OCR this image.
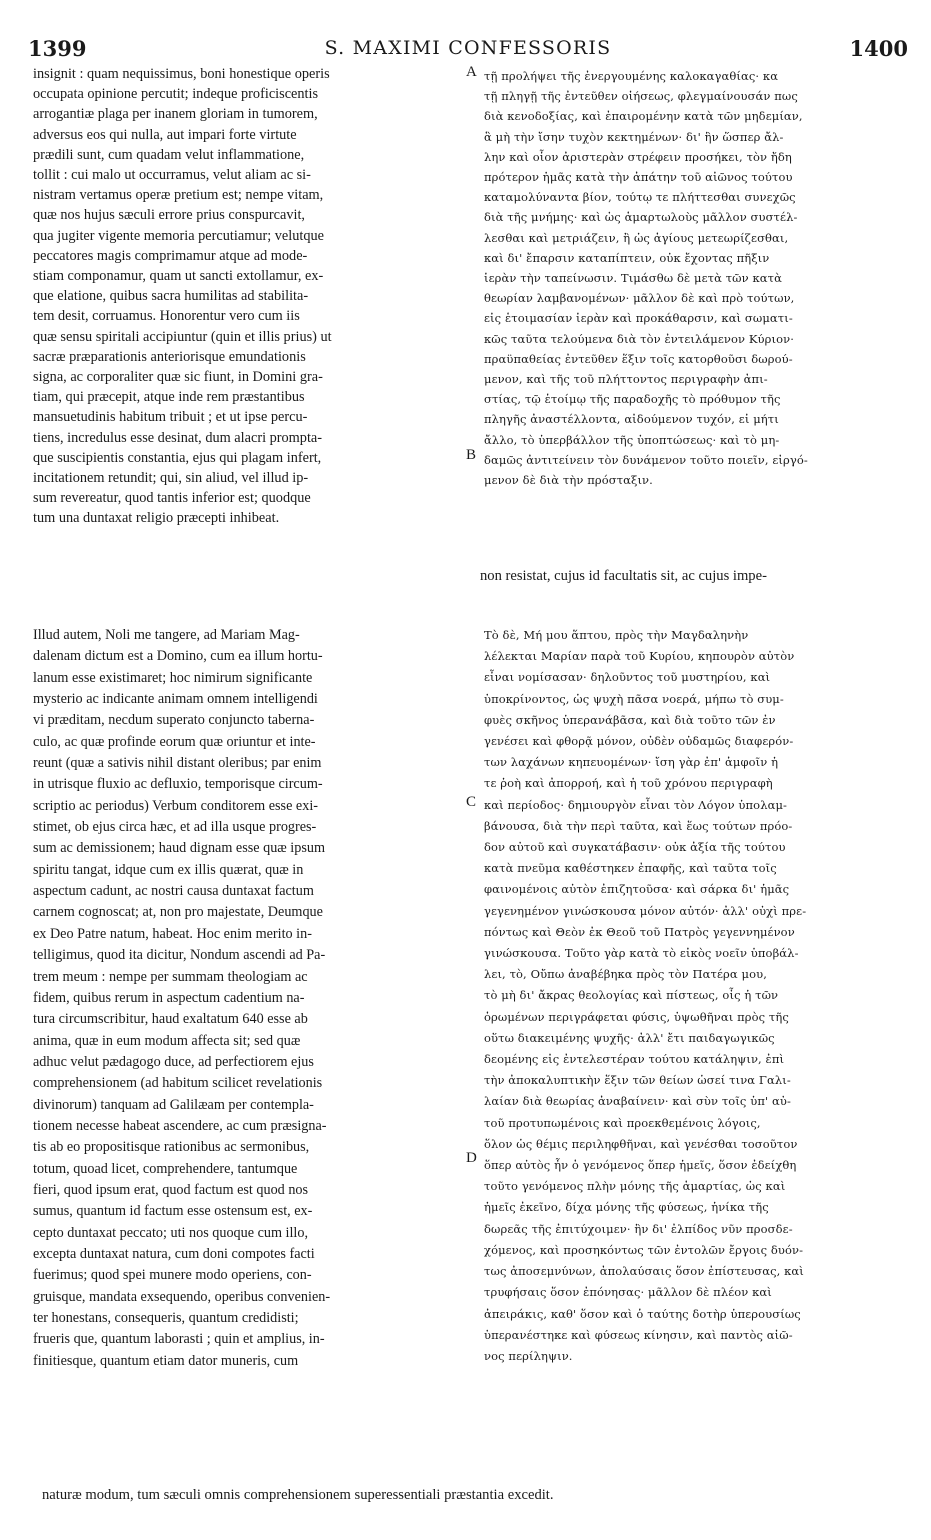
1399	S. MAXIMI CONFESSORIS	1400

insignit : quam nequissimus, boni honestique operis
occupata opinione percutit; indeque proficiscentis
arrogantiæ plaga per inanem gloriam in tumorem,
adversus eos qui nulla, aut impari forte virtute
prædili sunt, cum quadam velut inflammatione,
tollit : cui malo ut occurramus, velut aliam ac si-
nistram vertamus operæ pretium est; nempe vitam,
quæ nos hujus sæculi errore prius conspurcavit,
qua jugiter vigente memoria percutiamur; velutque
peccatores magis comprimamur atque ad mode-
stiam componamur, quam ut sancti extollamur, ex-
que elatione, quibus sacra humilitas ad stabilita-
tem desit, corruamus. Honorentur vero cum iis
quæ sensu spiritali accipiuntur (quin et illis prius) ut
sacræ præparationis anteriorisque emundationis
signa, ac corporaliter quæ sic fiunt, in Domini gra-
tiam, qui præcepit, atque inde rem præstantibus
mansuetudinis habitum tribuit ; et ut ipse percu-
tiens, incredulus esse desinat, dum alacri prompta-
que suscipientis constantia, ejus qui plagam infert,
incitationem retundit; qui, sin aliud, vel illud ip-
sum revereatur, quod tantis inferior est; quodque
tum una duntaxat religio præcepti inhibeat.

A τῇ προλήψει τῆς ἐνεργουμένης καλοκαγαθίας· κα
τῇ πληγῇ τῆς ἐντεῦθεν οἰήσεως, φλεγμαίνουσάν πως
διὰ κενοδοξίας, καὶ ἐπαιρομένην κατὰ τῶν μηδεμίαν,
ἃ μὴ τὴν ἴσην τυχὸν κεκτημένων· δι' ἣν ὥσπερ ἄλ-
λην καὶ οἷον ἀριστερὰν στρέφειν προσήκει, τὸν ἤδη
πρότερον ἡμᾶς κατὰ τὴν ἀπάτην τοῦ αἰῶνος τούτου
καταμολύναντα βίον, τούτῳ τε πλήττεσθαι συνεχῶς
διὰ τῆς μνήμης· καὶ ὡς ἁμαρτωλοὺς μᾶλλον συστέλ-
λεσθαι καὶ μετριάζειν, ἢ ὡς ἁγίους μετεωρίζεσθαι,
καὶ δι' ἔπαρσιν καταπίπτειν, οὐκ ἔχοντας πῆξιν
ἱερὰν τὴν ταπείνωσιν. Τιμάσθω δὲ μετὰ τῶν κατὰ
θεωρίαν λαμβανομένων· μᾶλλον δὲ καὶ πρὸ τούτων,
εἰς ἑτοιμασίαν ἱερὰν καὶ προκάθαρσιν, καὶ σωματι-
κῶς ταῦτα τελούμενα διὰ τὸν ἐντειλάμενον Κύριον·
πραϋπαθείας ἐντεῦθεν ἕξιν τοῖς κατορθοῦσι δωρού-
μενον, καὶ τῆς τοῦ πλήττοντος περιγραφὴν ἀπι-
στίας, τῷ ἑτοίμῳ τῆς παραδοχῆς τὸ πρόθυμον τῆς
πληγῆς ἀναστέλλοντα, αἰδούμενον τυχόν, εἰ μήτι
ἄλλο, τὸ ὑπερβάλλον τῆς ὑποπτώσεως· καὶ τὸ μη-
δαμῶς ἀντιτείνειν τὸν δυνάμενον τοῦτο ποιεῖν, εἰργό-
μενον δὲ διὰ τὴν πρόσταξιν.

B

non resistat, cujus id facultatis sit, ac cujus impe-

Illud autem, Noli me tangere, ad Mariam Mag-
dalenam dictum est a Domino, cum ea illum hortu-
lanum esse existimaret; hoc nimirum significante
mysterio ac indicante animam omnem intelligendi
vi præditam, necdum superato conjuncto taberna-
culo, ac quæ profinde eorum quæ oriuntur et inte-
reunt (quæ a sativis nihil distant oleribus; par enim
in utrisque fluxio ac defluxio, temporisque circum-
scriptio ac periodus) Verbum conditorem esse exi-
stimet, ob ejus circa hæc, et ad illa usque progres-
sum ac demissionem; haud dignam esse quæ ipsum
spiritu tangat, idque cum ex illis quærat, quæ in
aspectum cadunt, ac nostri causa duntaxat factum
carnem cognoscat; at, non pro majestate, Deumque
ex Deo Patre natum, habeat. Hoc enim merito in-
telligimus, quod ita dicitur, Nondum ascendi ad Pa-
trem meum : nempe per summam theologiam ac
fidem, quibus rerum in aspectum cadentium na-
tura circumscribitur, haud exaltatum 640 esse ab
anima, quæ in eum modum affecta sit; sed quæ
adhuc velut pædagogo duce, ad perfectiorem ejus
comprehensionem (ad habitum scilicet revelationis
divinorum) tanquam ad Galilæam per contempla-
tionem necesse habeat ascendere, ac cum præsigna-
tis ab eo propositisque rationibus ac sermonibus,
totum, quoad licet, comprehendere, tantumque
fieri, quod ipsum erat, quod factum est quod nos
sumus, quantum id factum esse ostensum est, ex-
cepto duntaxat peccato; uti nos quoque cum illo,
excepta duntaxat natura, cum doni compotes facti
fuerimus; quod spei munere modo operiens, con-
gruisque, mandata exsequendo, operibus convenien-
ter honestans, consequeris, quantum credidisti;
frueris que, quantum laborasti ; quin et amplius, in-
finitiesque, quantum etiam dator muneris, cum

C

Τὸ δὲ, Μή μου ἅπτου, πρὸς τὴν Μαγδαληνὴν
λέλεκται Μαρίαν παρὰ τοῦ Κυρίου, κηπουρὸν αὐτὸν
εἶναι νομίσασαν· δηλοῦντος τοῦ μυστηρίου, καὶ
ὑποκρίνοντος, ὡς ψυχὴ πᾶσα νοερά, μήπω τὸ συμ-
φυὲς σκῆνος ὑπερανάβᾶσα, καὶ διὰ τοῦτο τῶν ἐν
γενέσει καὶ φθορᾷ μόνον, οὐδὲν οὐδαμῶς διαφερόν-
των λαχάνων κηπευομένων· ἴση γὰρ ἐπ' ἀμφοῖν ἡ
τε ῥοὴ καὶ ἀπορροή, καὶ ἡ τοῦ χρόνου περιγραφὴ
καὶ περίοδος· δημιουργὸν εἶναι τὸν Λόγον ὑπολαμ-
βάνουσα, διὰ τὴν περὶ ταῦτα, καὶ ἕως τούτων πρόο-
δον αὐτοῦ καὶ συγκατάβασιν· οὐκ ἀξία τῆς τούτου
κατὰ πνεῦμα καθέστηκεν ἐπαφῆς, καὶ ταῦτα τοῖς
φαινομένοις αὐτὸν ἐπιζητοῦσα· καὶ σάρκα δι' ἡμᾶς
γεγενημένον γινώσκουσα μόνον αὐτόν· ἀλλ' οὐχὶ πρε-
πόντως καὶ Θεὸν ἐκ Θεοῦ τοῦ Πατρὸς γεγεννημένον
γινώσκουσα. Τοῦτο γὰρ κατὰ τὸ εἰκὸς νοεῖν ὑποβάλ-
λει, τὸ, Οὔπω ἀναβέβηκα πρὸς τὸν Πατέρα μου,
τὸ μὴ δι' ἄκρας θεολογίας καὶ πίστεως, οἷς ἡ τῶν
ὁρωμένων περιγράφεται φύσις, ὑψωθῆναι πρὸς τῆς
οὕτω διακειμένης ψυχῆς· ἀλλ' ἔτι παιδαγωγικῶς
δεομένης εἰς ἐντελεστέραν τούτου κατάληψιν, ἐπὶ
τὴν ἀποκαλυπτικὴν ἕξιν τῶν θείων ὡσεί τινα Γαλι-
λαίαν διὰ θεωρίας ἀναβαίνειν· καὶ σὺν τοῖς ὑπ' αὐ-
τοῦ προτυπωμένοις καὶ προεκθεμένοις λόγοις,
ὅλον ὡς θέμις περιληφθῆναι, καὶ γενέσθαι τοσοῦτον
ὅπερ αὐτὸς ἦν ὁ γενόμενος ὅπερ ἡμεῖς, ὅσον ἐδείχθη
τοῦτο γενόμενος πλὴν μόνης τῆς ἁμαρτίας, ὡς καὶ
ἡμεῖς ἐκεῖνο, δίχα μόνης τῆς φύσεως, ἡνίκα τῆς
δωρεᾶς τῆς ἐπιτύχοιμεν· ἣν δι' ἐλπίδος νῦν προσδε-
χόμενος, καὶ προσηκόντως τῶν ἐντολῶν ἔργοις δυόν-
τως ἀποσεμνύνων, ἀπολαύσαις ὅσον ἐπίστευσας, καὶ
τρυφήσαις ὅσον ἐπόνησας· μᾶλλον δὲ πλέον καὶ
ἀπειράκις, καθ' ὅσον καὶ ὁ ταύτης δοτὴρ ὑπερουσίως
ὑπερανέστηκε καὶ φύσεως κίνησιν, καὶ παντὸς αἰῶ-
νος περίληψιν.

D

naturæ modum, tum sæculi omnis comprehensionem superessentiali præstantia excedit.
